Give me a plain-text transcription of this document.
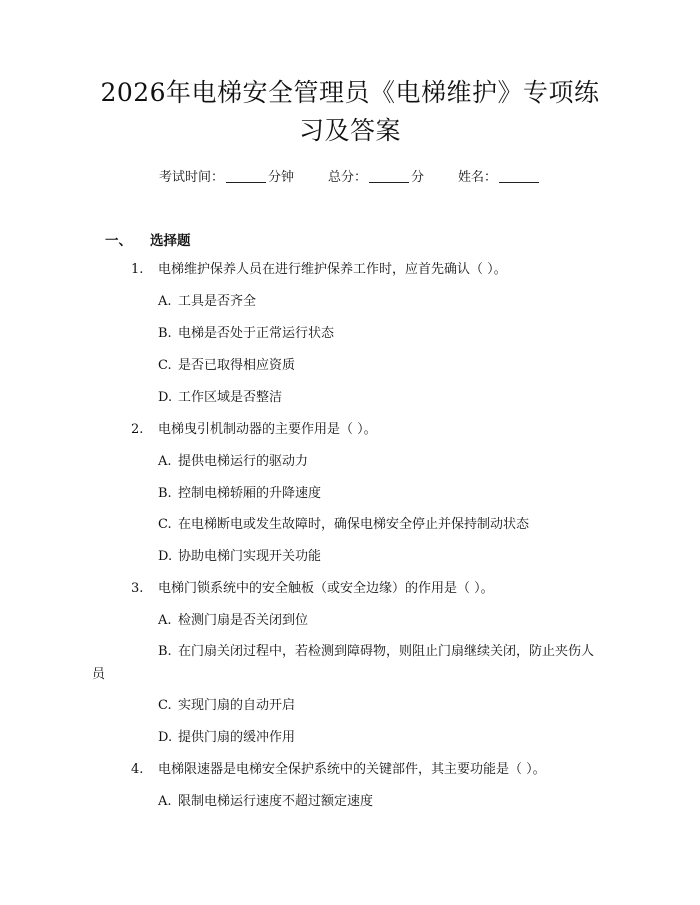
2026年电梯安全管理员《电梯维护》专项练习及答案
考试时间：	分钟	总分：	分	姓名：
一、 选择题
1.	电梯维护保养人员在进行维护保养工作时，应首先确认（ ）。
A. 工具是否齐全
B. 电梯是否处于正常运行状态
C. 是否已取得相应资质
D. 工作区域是否整洁
2.	电梯曳引机制动器的主要作用是（ ）。
A. 提供电梯运行的驱动力
B. 控制电梯轿厢的升降速度
C. 在电梯断电或发生故障时，确保电梯安全停止并保持制动状态
D. 协助电梯门实现开关功能
3.	电梯门锁系统中的安全触板（或安全边缘）的作用是（ ）。
A. 检测门扇是否关闭到位
B. 在门扇关闭过程中，若检测到障碍物，则阻止门扇继续关闭，防止夹伤人员
C. 实现门扇的自动开启
D. 提供门扇的缓冲作用
4.	电梯限速器是电梯安全保护系统中的关键部件，其主要功能是（ ）。
A. 限制电梯运行速度不超过额定速度
